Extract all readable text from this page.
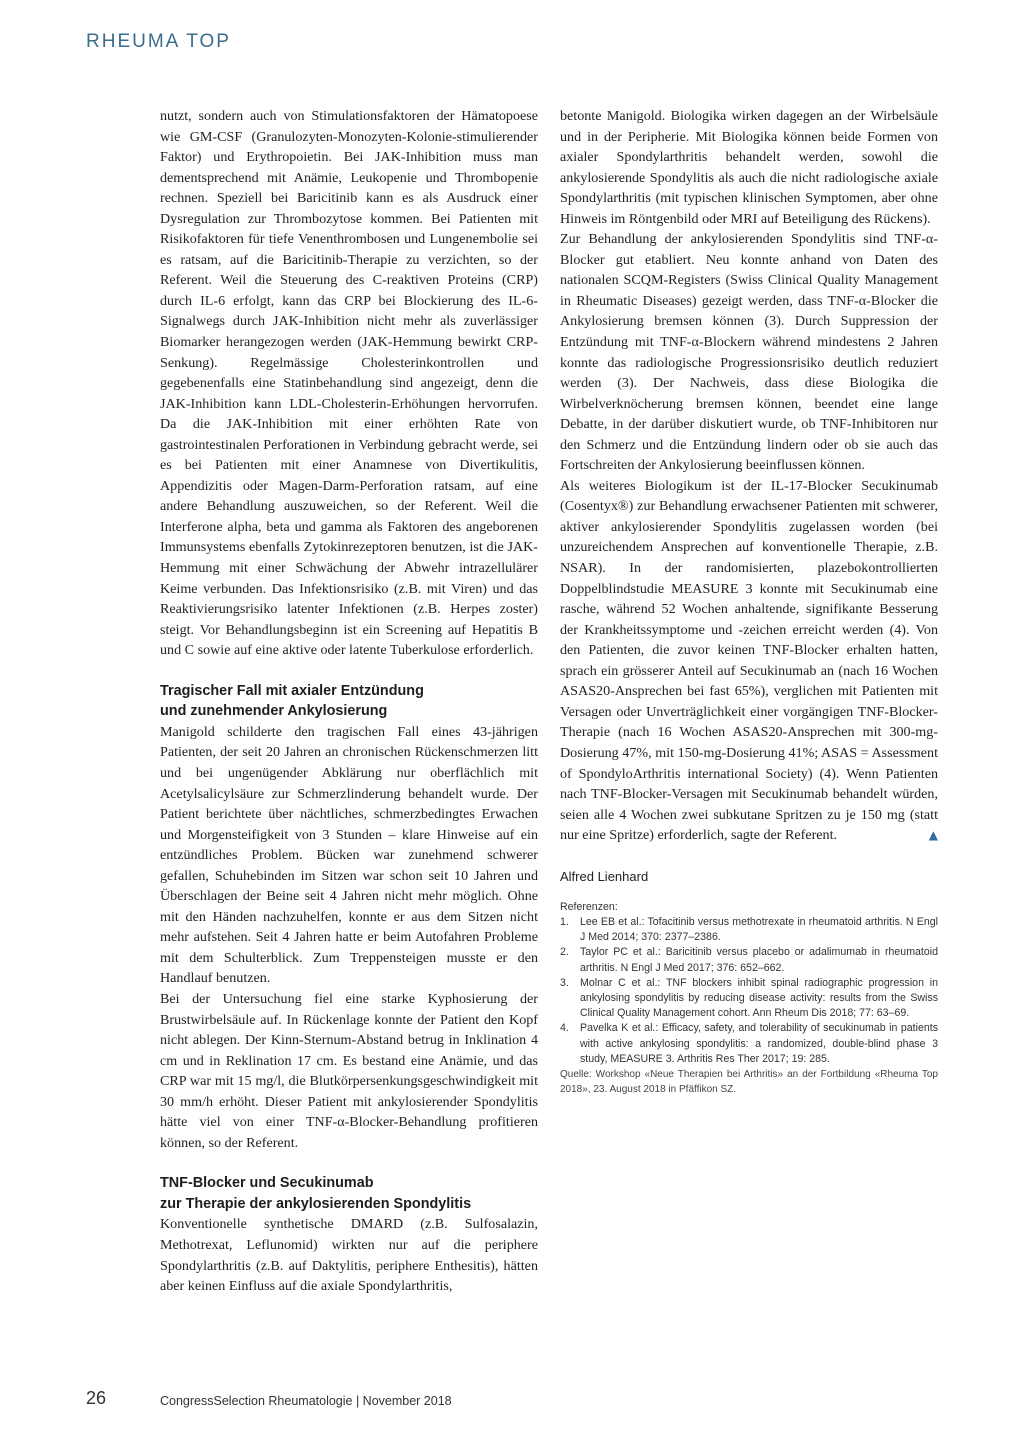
RHEUMA TOP

nutzt, sondern auch von Stimulationsfaktoren der Hämatopoese wie GM-CSF (Granulozyten-Monozyten-Kolonie-stimulierender Faktor) und Erythropoietin. Bei JAK-Inhibition muss man dementsprechend mit Anämie, Leukopenie und Thrombopenie rechnen. Speziell bei Baricitinib kann es als Ausdruck einer Dysregulation zur Thrombozytose kommen. Bei Patienten mit Risikofaktoren für tiefe Venenthrombosen und Lungenembolie sei es ratsam, auf die Baricitinib-Therapie zu verzichten, so der Referent. Weil die Steuerung des C-reaktiven Proteins (CRP) durch IL-6 erfolgt, kann das CRP bei Blockierung des IL-6-Signalwegs durch JAK-Inhibition nicht mehr als zuverlässiger Biomarker herangezogen werden (JAK-Hemmung bewirkt CRP-Senkung). Regelmässige Cholesterinkontrollen und gegebenenfalls eine Statinbehandlung sind angezeigt, denn die JAK-Inhibition kann LDL-Cholesterin-Erhöhungen hervorrufen. Da die JAK-Inhibition mit einer erhöhten Rate von gastrointestinalen Perforationen in Verbindung gebracht werde, sei es bei Patienten mit einer Anamnese von Divertikulitis, Appendizitis oder Magen-Darm-Perforation ratsam, auf eine andere Behandlung auszuweichen, so der Referent. Weil die Interferone alpha, beta und gamma als Faktoren des angeborenen Immunsystems ebenfalls Zytokinrezeptoren benutzen, ist die JAK-Hemmung mit einer Schwächung der Abwehr intrazellulärer Keime verbunden. Das Infektionsrisiko (z.B. mit Viren) und das Reaktivierungsrisiko latenter Infektionen (z.B. Herpes zoster) steigt. Vor Behandlungsbeginn ist ein Screening auf Hepatitis B und C sowie auf eine aktive oder latente Tuberkulose erforderlich.

Tragischer Fall mit axialer Entzündung
und zunehmender Ankylosierung

Manigold schilderte den tragischen Fall eines 43-jährigen Patienten, der seit 20 Jahren an chronischen Rückenschmerzen litt und bei ungenügender Abklärung nur oberflächlich mit Acetylsalicylsäure zur Schmerzlinderung behandelt wurde. Der Patient berichtete über nächtliches, schmerzbedingtes Erwachen und Morgensteifigkeit von 3 Stunden – klare Hinweise auf ein entzündliches Problem. Bücken war zunehmend schwerer gefallen, Schuhebinden im Sitzen war schon seit 10 Jahren und Überschlagen der Beine seit 4 Jahren nicht mehr möglich. Ohne mit den Händen nachzuhelfen, konnte er aus dem Sitzen nicht mehr aufstehen. Seit 4 Jahren hatte er beim Autofahren Probleme mit dem Schulterblick. Zum Treppensteigen musste er den Handlauf benutzen.

Bei der Untersuchung fiel eine starke Kyphosierung der Brustwirbelsäule auf. In Rückenlage konnte der Patient den Kopf nicht ablegen. Der Kinn-Sternum-Abstand betrug in Inklination 4 cm und in Reklination 17 cm. Es bestand eine Anämie, und das CRP war mit 15 mg/l, die Blutkörpersenkungsgeschwindigkeit mit 30 mm/h erhöht. Dieser Patient mit ankylosierender Spondylitis hätte viel von einer TNF-α-Blocker-Behandlung profitieren können, so der Referent.

TNF-Blocker und Secukinumab
zur Therapie der ankylosierenden Spondylitis

Konventionelle synthetische DMARD (z.B. Sulfosalazin, Methotrexat, Leflunomid) wirkten nur auf die periphere Spondylarthritis (z.B. auf Daktylitis, periphere Enthesitis), hätten aber keinen Einfluss auf die axiale Spondylarthritis,

betonte Manigold. Biologika wirken dagegen an der Wirbelsäule und in der Peripherie. Mit Biologika können beide Formen von axialer Spondylarthritis behandelt werden, sowohl die ankylosierende Spondylitis als auch die nicht radiologische axiale Spondylarthritis (mit typischen klinischen Symptomen, aber ohne Hinweis im Röntgenbild oder MRI auf Beteiligung des Rückens).

Zur Behandlung der ankylosierenden Spondylitis sind TNF-α-Blocker gut etabliert. Neu konnte anhand von Daten des nationalen SCQM-Registers (Swiss Clinical Quality Management in Rheumatic Diseases) gezeigt werden, dass TNF-α-Blocker die Ankylosierung bremsen können (3). Durch Suppression der Entzündung mit TNF-α-Blockern während mindestens 2 Jahren konnte das radiologische Progressionsrisiko deutlich reduziert werden (3). Der Nachweis, dass diese Biologika die Wirbelverknöcherung bremsen können, beendet eine lange Debatte, in der darüber diskutiert wurde, ob TNF-Inhibitoren nur den Schmerz und die Entzündung lindern oder ob sie auch das Fortschreiten der Ankylosierung beeinflussen können.

Als weiteres Biologikum ist der IL-17-Blocker Secukinumab (Cosentyx®) zur Behandlung erwachsener Patienten mit schwerer, aktiver ankylosierender Spondylitis zugelassen worden (bei unzureichendem Ansprechen auf konventionelle Therapie, z.B. NSAR). In der randomisierten, plazebokontrollierten Doppelblindstudie MEASURE 3 konnte mit Secukinumab eine rasche, während 52 Wochen anhaltende, signifikante Besserung der Krankheitssymptome und -zeichen erreicht werden (4). Von den Patienten, die zuvor keinen TNF-Blocker erhalten hatten, sprach ein grösserer Anteil auf Secukinumab an (nach 16 Wochen ASAS20-Ansprechen bei fast 65%), verglichen mit Patienten mit Versagen oder Unverträglichkeit einer vorgängigen TNF-Blocker-Therapie (nach 16 Wochen ASAS20-Ansprechen mit 300-mg-Dosierung 47%, mit 150-mg-Dosierung 41%; ASAS = Assessment of SpondyloArthritis international Society) (4). Wenn Patienten nach TNF-Blocker-Versagen mit Secukinumab behandelt würden, seien alle 4 Wochen zwei subkutane Spritzen zu je 150 mg (statt nur eine Spritze) erforderlich, sagte der Referent.	▲

Alfred Lienhard

Referenzen:

1. Lee EB et al.: Tofacitinib versus methotrexate in rheumatoid arthritis. N Engl J Med 2014; 370: 2377–2386.
2. Taylor PC et al.: Baricitinib versus placebo or adalimumab in rheumatoid arthritis. N Engl J Med 2017; 376: 652–662.
3. Molnar C et al.: TNF blockers inhibit spinal radiographic progression in ankylosing spondylitis by reducing disease activity: results from the Swiss Clinical Quality Management cohort. Ann Rheum Dis 2018; 77: 63–69.
4. Pavelka K et al.: Efficacy, safety, and tolerability of secukinumab in patients with active ankylosing spondylitis: a randomized, double-blind phase 3 study, MEASURE 3. Arthritis Res Ther 2017; 19: 285.

Quelle: Workshop «Neue Therapien bei Arthritis» an der Fortbildung «Rheuma Top 2018», 23. August 2018 in Pfäffikon SZ.

26	CongressSelection Rheumatologie | November 2018
